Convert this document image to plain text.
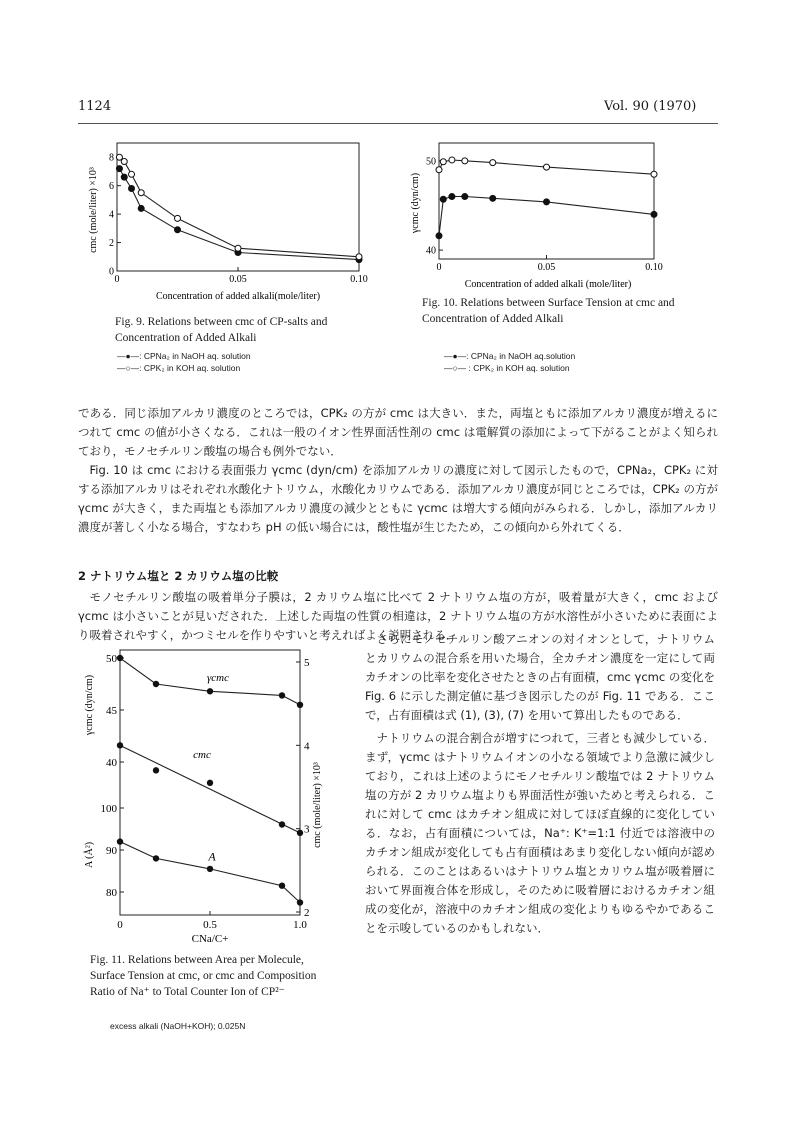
1124	Vol. 90 (1970)
0	0.05	0.10
0
2
4
6
8
cmc (mole/liter) ×10³
Concentration of added alkali(mole/liter)
Fig. 9. Relations between cmc of CP-salts and Concentration of Added Alkali
—●—: CPNa₂ in NaOH aq. solution
—○—: CPK₂ in KOH aq. solution
0	0.05	0.10
40
50
γcmc (dyn/cm)
Concentration of added alkali (mole/liter)
Fig. 10. Relations between Surface Tension at cmc and Concentration of Added Alkali
—●—: CPNa₂ in NaOH aq.solution
—○— : CPK₂ in KOH aq. solution

である．同じ添加アルカリ濃度のところでは，CPK₂ の方が cmc は大きい．また，両塩ともに添加アルカリ濃度が増えるにつれて cmc の値が小さくなる．これは一般のイオン性界面活性剤の cmc は電解質の添加によって下がることがよく知られており，モノセチルリン酸塩の場合も例外でない．

Fig. 10 は cmc における表面張力 γcmc (dyn/cm) を添加アルカリの濃度に対して図示したもので，CPNa₂，CPK₂ に対する添加アルカリはそれぞれ水酸化ナトリウム，水酸化カリウムである．添加アルカリ濃度が同じところでは，CPK₂ の方が γcmc が大きく，また両塩とも添加アルカリ濃度の減少とともに γcmc は増大する傾向がみられる．しかし，添加アルカリ濃度が著しく小なる場合，すなわち pH の低い場合には，酸性塩が生じたため，この傾向から外れてくる．

2 ナトリウム塩と 2 カリウム塩の比較

モノセチルリン酸塩の吸着単分子膜は，2 カリウム塩に比べて 2 ナトリウム塩の方が，吸着量が大きく，cmc および γcmc は小さいことが見いだされた．上述した両塩の性質の相違は，2 ナトリウム塩の方が水溶性が小さいために表面により吸着されやすく，かつミセルを作りやすいと考えればよく説明される．

0	0.5	1.0
50
45
40
100
90
80
2
3
4
5
γcmc
cmc
A
γcmc (dyn/cm)
A (Å²)
cmc (mole/liter) ×10³
CNa/C+
Fig. 11. Relations between Area per Molecule, Surface Tension at cmc, or cmc and Composition Ratio of Na⁺ to Total Counter Ion of CP²⁻
excess alkali (NaOH+KOH); 0.025N

さらにモノセチルリン酸アニオンの対イオンとして，ナトリウムとカリウムの混合系を用いた場合，全カチオン濃度を一定にして両カチオンの比率を変化させたときの占有面積，cmc γcmc の変化を Fig. 6 に示した測定値に基づき図示したのが Fig. 11 である．ここで，占有面積は式 (1), (3), (7) を用いて算出したものである．

ナトリウムの混合割合が増すにつれて，三者とも減少している．まず，γcmc はナトリウムイオンの小なる領域でより急激に減少しており，これは上述のようにモノセチルリン酸塩では 2 ナトリウム塩の方が 2 カリウム塩よりも界面活性が強いためと考えられる．これに対して cmc はカチオン組成に対してほぼ直線的に変化している．なお，占有面積については，Na⁺: K⁺=1:1 付近では溶液中のカチオン組成が変化しても占有面積はあまり変化しない傾向が認められる．このことはあるいはナトリウム塩とカリウム塩が吸着層において界面複合体を形成し，そのために吸着層におけるカチオン組成の変化が，溶液中のカチオン組成の変化よりもゆるやかであることを示唆しているのかもしれない．
